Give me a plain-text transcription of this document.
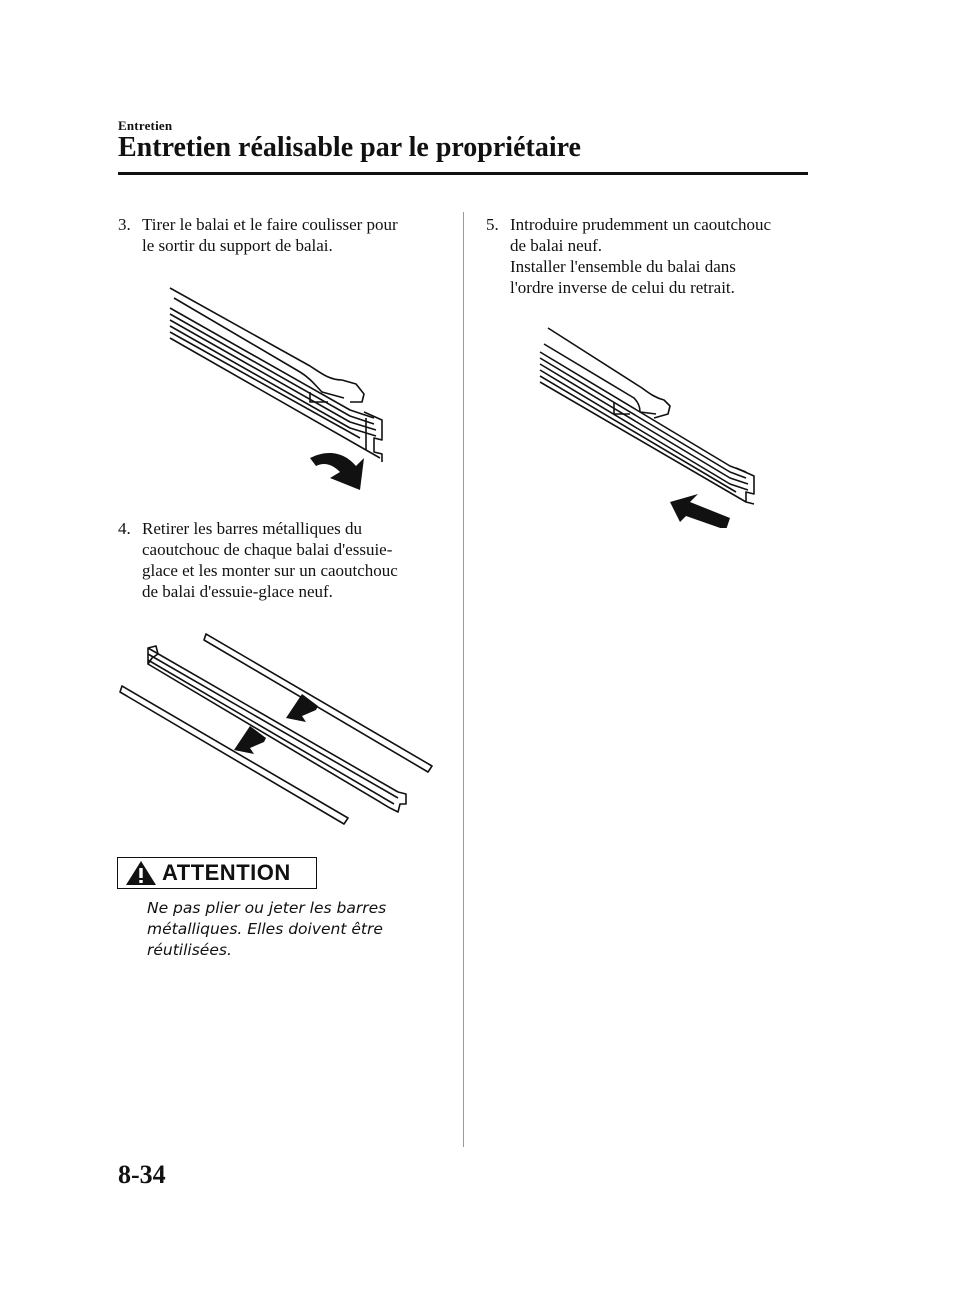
Entretien
Entretien réalisable par le propriétaire
3. Tirer le balai et le faire coulisser pour
le sortir du support de balai.
4. Retirer les barres métalliques du
caoutchouc de chaque balai d'essuie-
glace et les monter sur un caoutchouc
de balai d'essuie-glace neuf.
ATTENTION
Ne pas plier ou jeter les barres
métalliques. Elles doivent être
réutilisées.
5. Introduire prudemment un caoutchouc
de balai neuf.
Installer l'ensemble du balai dans
l'ordre inverse de celui du retrait.
8-34
